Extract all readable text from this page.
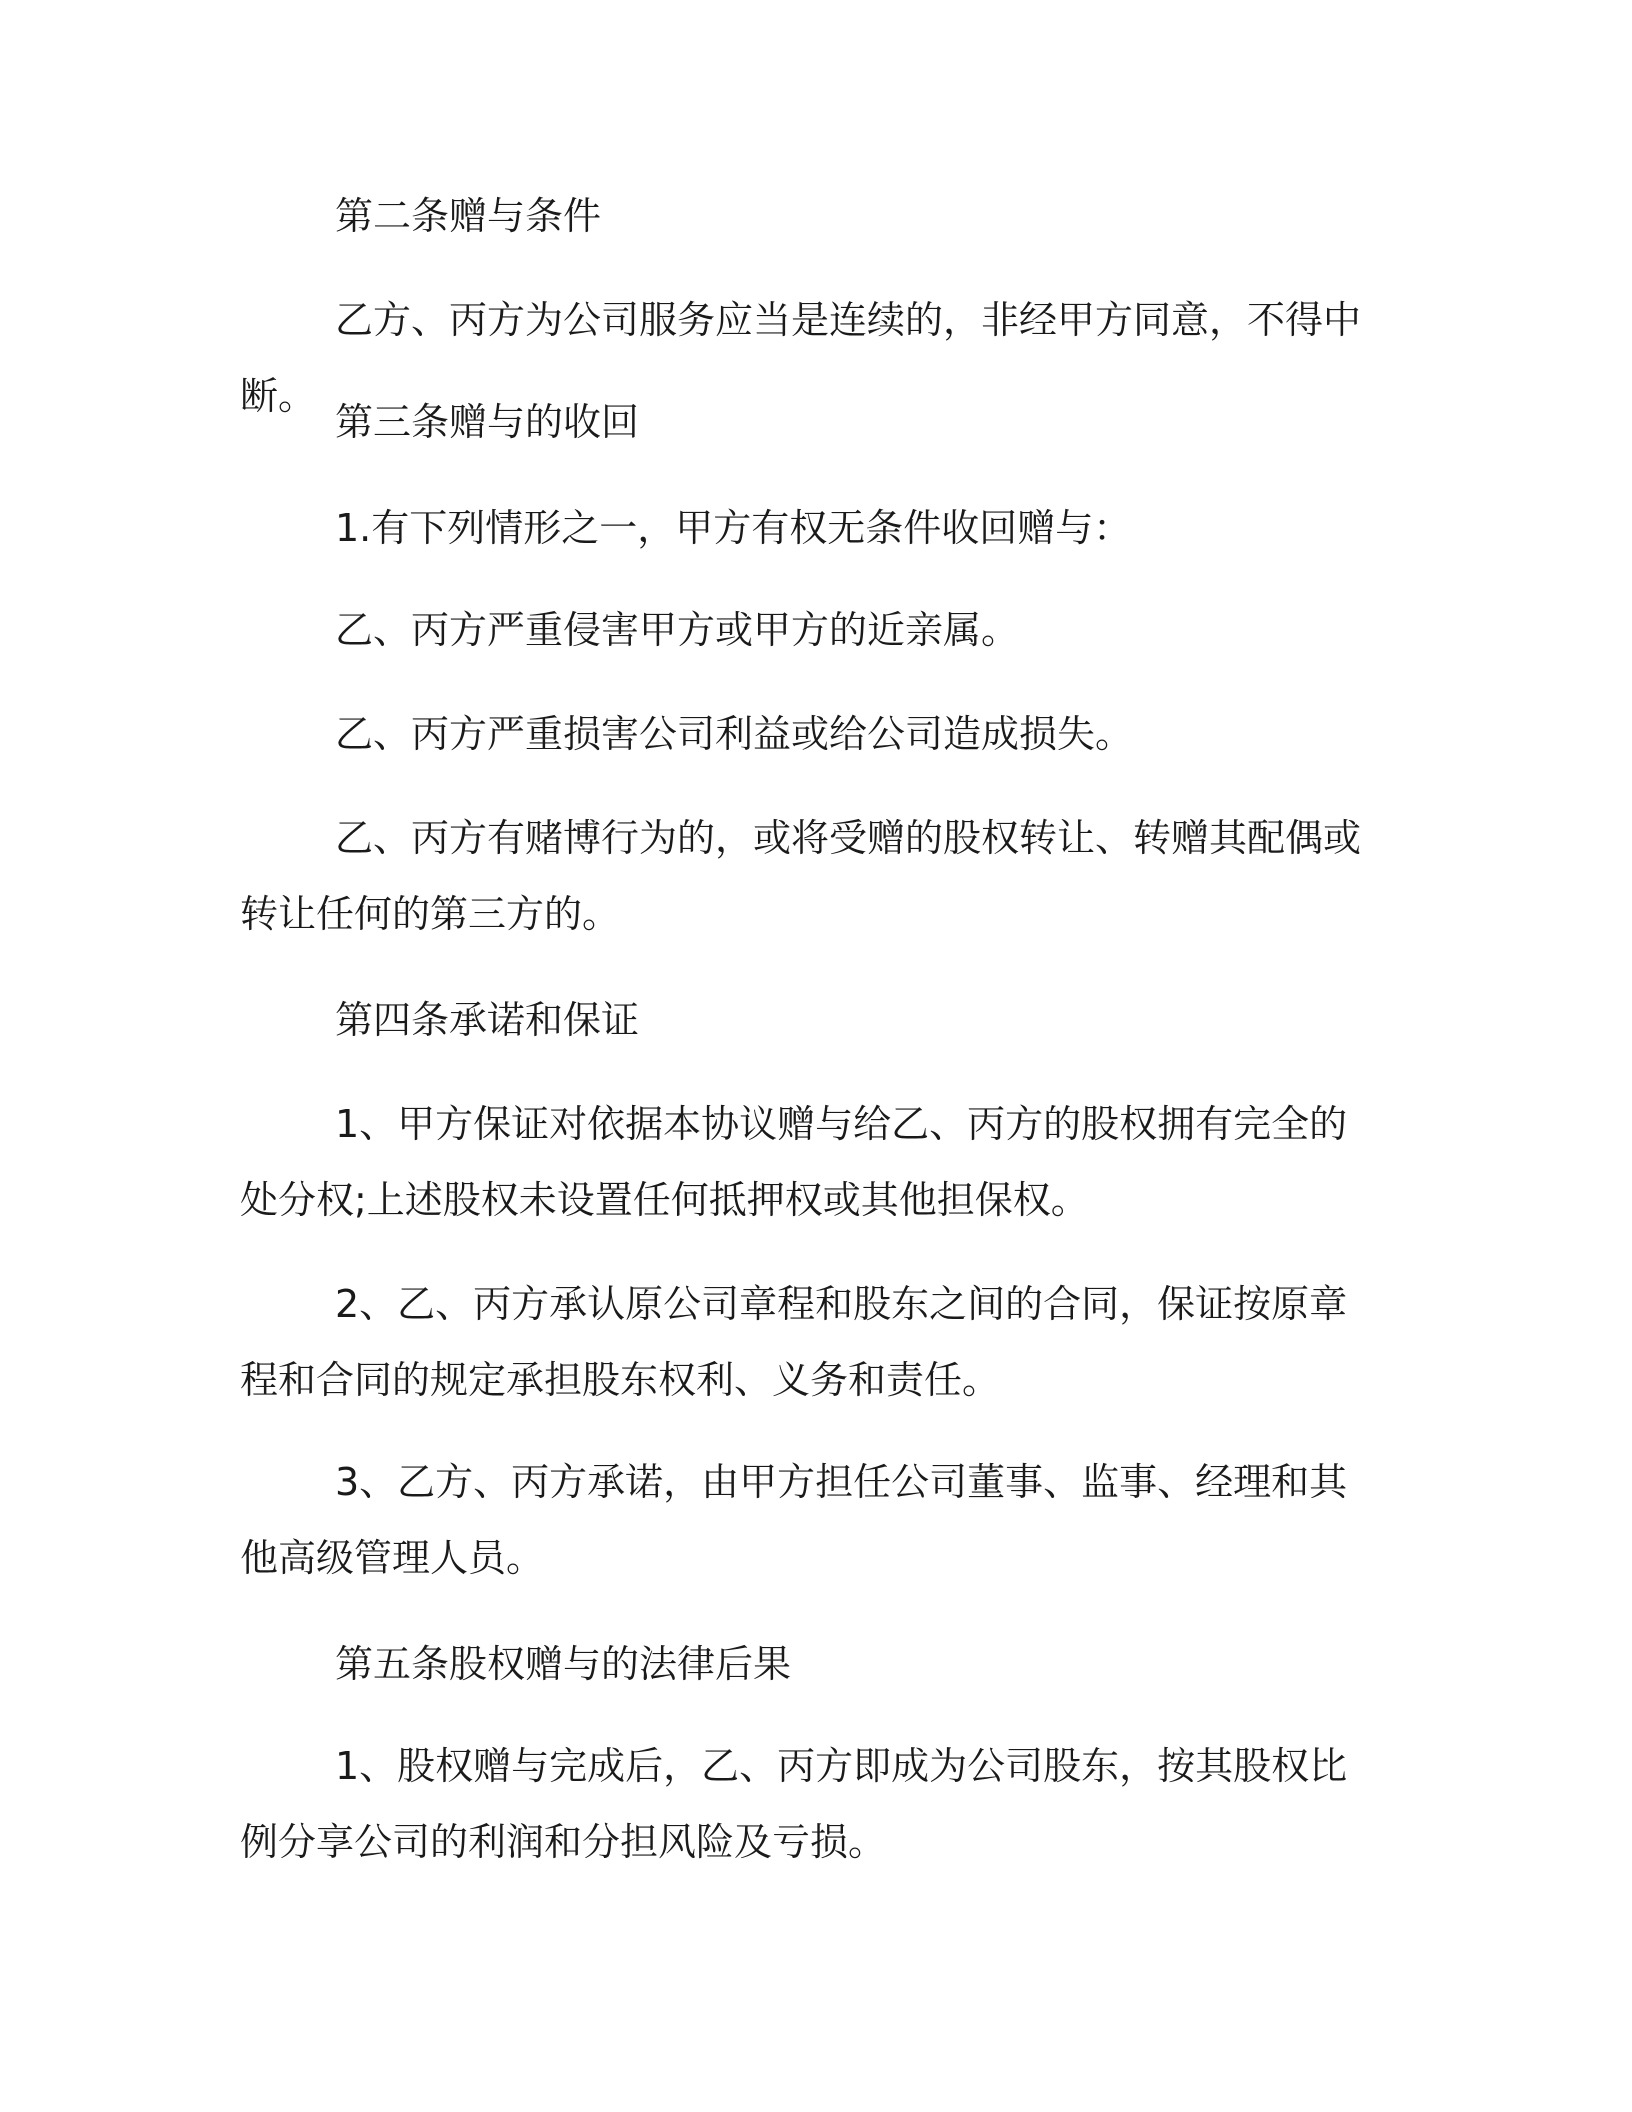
第二条赠与条件

乙方、丙方为公司服务应当是连续的，非经甲方同意，不得中断。

第三条赠与的收回

1.有下列情形之一，甲方有权无条件收回赠与：

乙、丙方严重侵害甲方或甲方的近亲属。

乙、丙方严重损害公司利益或给公司造成损失。

乙、丙方有赌博行为的，或将受赠的股权转让、转赠其配偶或转让任何的第三方的。

第四条承诺和保证

1、甲方保证对依据本协议赠与给乙、丙方的股权拥有完全的处分权;上述股权未设置任何抵押权或其他担保权。

2、乙、丙方承认原公司章程和股东之间的合同，保证按原章程和合同的规定承担股东权利、义务和责任。

3、乙方、丙方承诺，由甲方担任公司董事、监事、经理和其他高级管理人员。

第五条股权赠与的法律后果

1、股权赠与完成后，乙、丙方即成为公司股东，按其股权比例分享公司的利润和分担风险及亏损。
